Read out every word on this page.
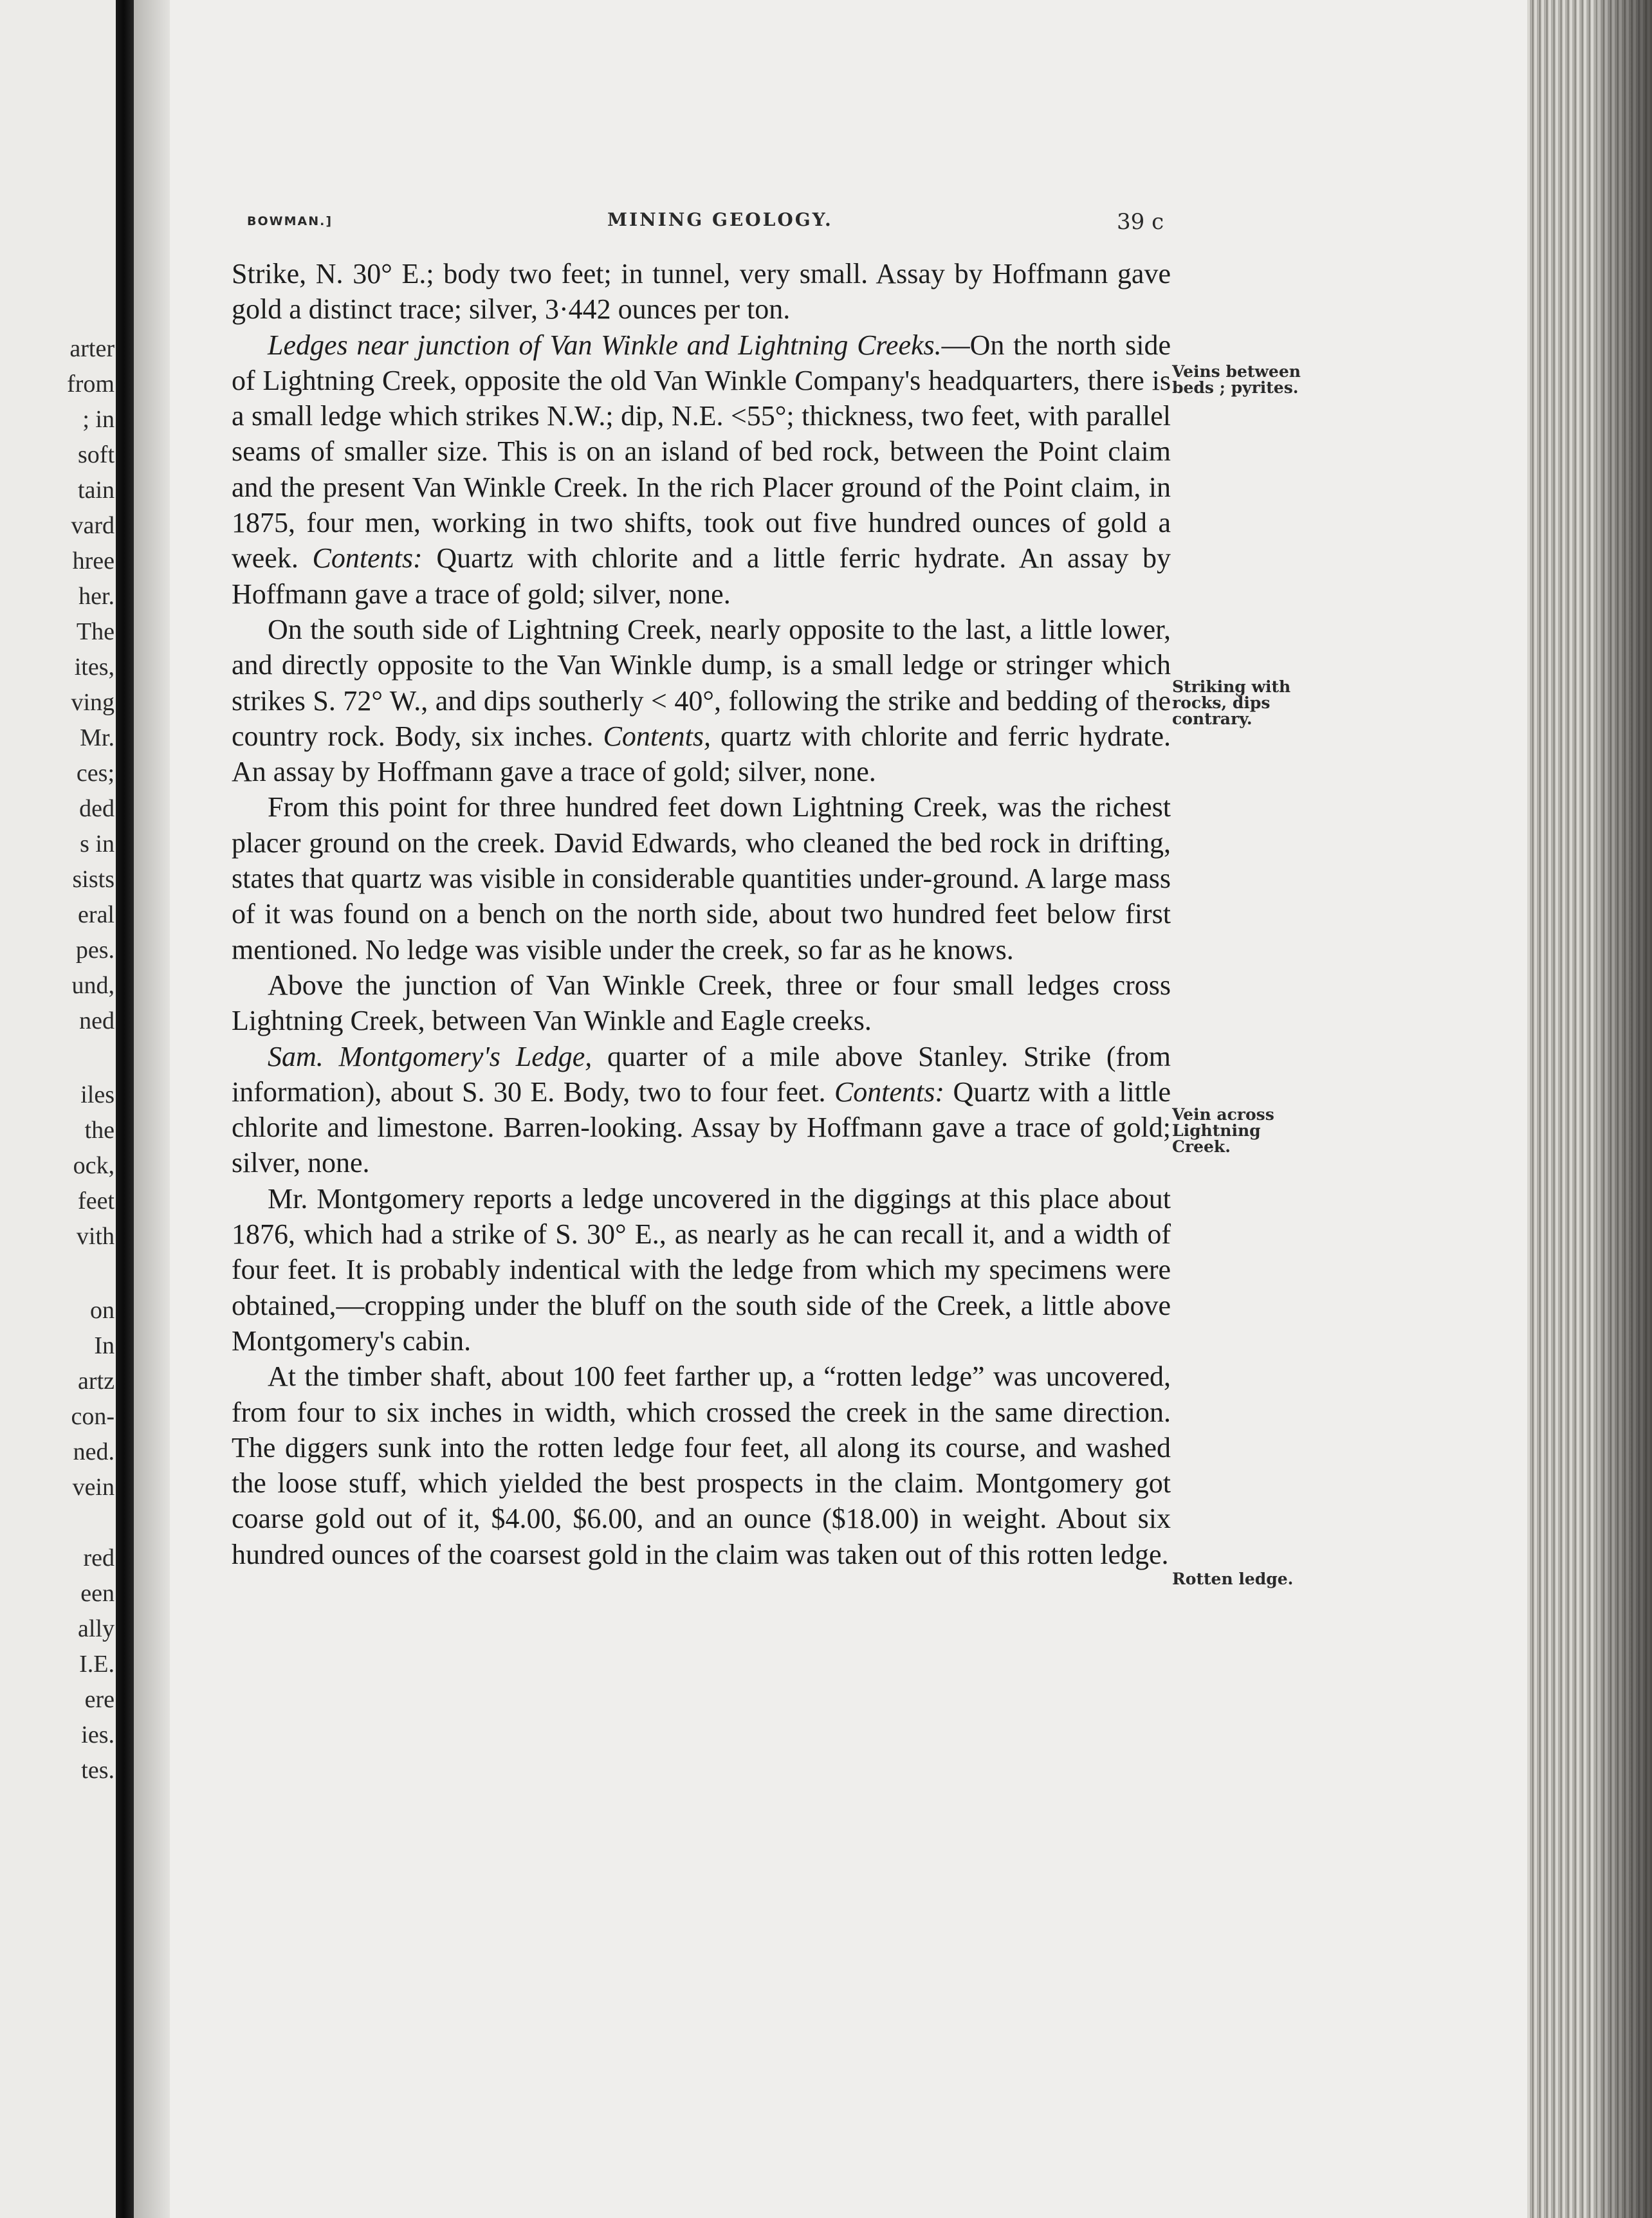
arter
from
; in
soft
tain
vard
hree
her.
The
ites,
ving
Mr.
ces;
ded
s in
sists
eral
pes.
und,
ned
iles
the
ock,
feet
vith
on
In
artz
con-
ned.
vein
red
een
ally
I.E.
ere
ies.
tes.
BOWMAN.]	MINING GEOLOGY.	39 c

Strike, N. 30° E.; body two feet; in tunnel, very small. Assay by Hoffmann gave gold a distinct trace; silver, 3·442 ounces per ton.

Ledges near junction of Van Winkle and Lightning Creeks.—On the north side of Lightning Creek, opposite the old Van Winkle Company's headquarters, there is a small ledge which strikes N.W.; dip, N.E. <55°; thickness, two feet, with parallel seams of smaller size. This is on an island of bed rock, between the Point claim and the present Van Winkle Creek. In the rich Placer ground of the Point claim, in 1875, four men, working in two shifts, took out five hundred ounces of gold a week. Contents: Quartz with chlorite and a little ferric hydrate. An assay by Hoffmann gave a trace of gold; silver, none.

On the south side of Lightning Creek, nearly opposite to the last, a little lower, and directly opposite to the Van Winkle dump, is a small ledge or stringer which strikes S. 72° W., and dips southerly < 40°, following the strike and bedding of the country rock. Body, six inches. Contents, quartz with chlorite and ferric hydrate. An assay by Hoffmann gave a trace of gold; silver, none.

From this point for three hundred feet down Lightning Creek, was the richest placer ground on the creek. David Edwards, who cleaned the bed rock in drifting, states that quartz was visible in considerable quantities under-ground. A large mass of it was found on a bench on the north side, about two hundred feet below first mentioned. No ledge was visible under the creek, so far as he knows.

Above the junction of Van Winkle Creek, three or four small ledges cross Lightning Creek, between Van Winkle and Eagle creeks.

Sam. Montgomery's Ledge, quarter of a mile above Stanley. Strike (from information), about S. 30 E. Body, two to four feet. Contents: Quartz with a little chlorite and limestone. Barren-looking. Assay by Hoffmann gave a trace of gold; silver, none.

Mr. Montgomery reports a ledge uncovered in the diggings at this place about 1876, which had a strike of S. 30° E., as nearly as he can recall it, and a width of four feet. It is probably indentical with the ledge from which my specimens were obtained,—cropping under the bluff on the south side of the Creek, a little above Montgomery's cabin.

At the timber shaft, about 100 feet farther up, a “rotten ledge” was uncovered, from four to six inches in width, which crossed the creek in the same direction. The diggers sunk into the rotten ledge four feet, all along its course, and washed the loose stuff, which yielded the best prospects in the claim. Montgomery got coarse gold out of it, $4.00, $6.00, and an ounce ($18.00) in weight. About six hundred ounces of the coarsest gold in the claim was taken out of this rotten ledge.

Veins between
beds ; pyrites.
Striking with
rocks, dips
contrary.
Vein across
Lightning
Creek.
Rotten ledge.
